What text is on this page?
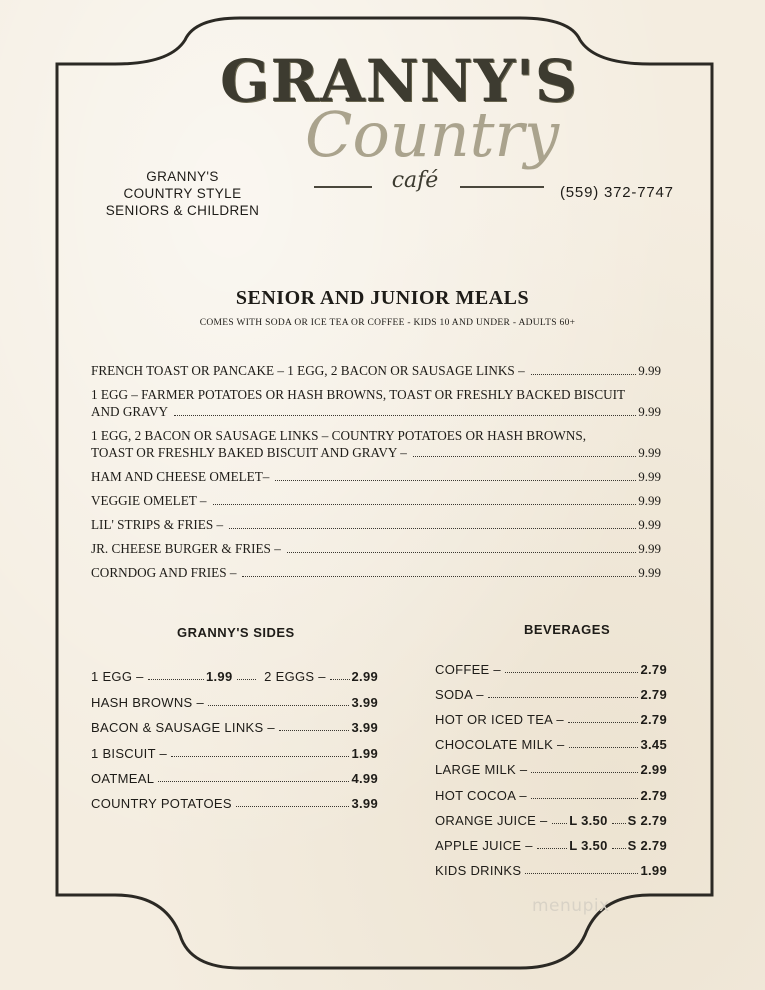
GRANNY'S
Country
café
GRANNY'S
COUNTRY STYLE
SENIORS & CHILDREN
(559) 372-7747
SENIOR AND JUNIOR MEALS
COMES WITH SODA OR ICE TEA OR COFFEE - KIDS 10 AND UNDER - ADULTS 60+
FRENCH TOAST OR PANCAKE – 1 EGG, 2 BACON OR SAUSAGE LINKS –	9.99
1 EGG – FARMER POTATOES OR HASH BROWNS, TOAST OR FRESHLY BACKED BISCUIT
AND GRAVY	9.99
1 EGG, 2 BACON OR SAUSAGE LINKS – COUNTRY POTATOES OR HASH BROWNS,
TOAST OR FRESHLY BAKED BISCUIT AND GRAVY –	9.99
HAM AND CHEESE OMELET–	9.99
VEGGIE OMELET –	9.99
LIL' STRIPS & FRIES –	9.99
JR. CHEESE BURGER & FRIES –	9.99
CORNDOG AND FRIES –	9.99
GRANNY'S SIDES	BEVERAGES
1 EGG –	1.99 2 EGGS – 2.99
HASH BROWNS –	3.99
BACON & SAUSAGE LINKS –	3.99
1 BISCUIT –	1.99
OATMEAL	4.99
COUNTRY POTATOES	3.99
COFFEE –	2.79
SODA –	2.79
HOT OR ICED TEA –	2.79
CHOCOLATE MILK –	3.45
LARGE MILK –	2.99
HOT COCOA –	2.79
ORANGE JUICE – L 3.50 S 2.79
APPLE JUICE –	L 3.50 S 2.79
KIDS DRINKS	1.99
menupix
